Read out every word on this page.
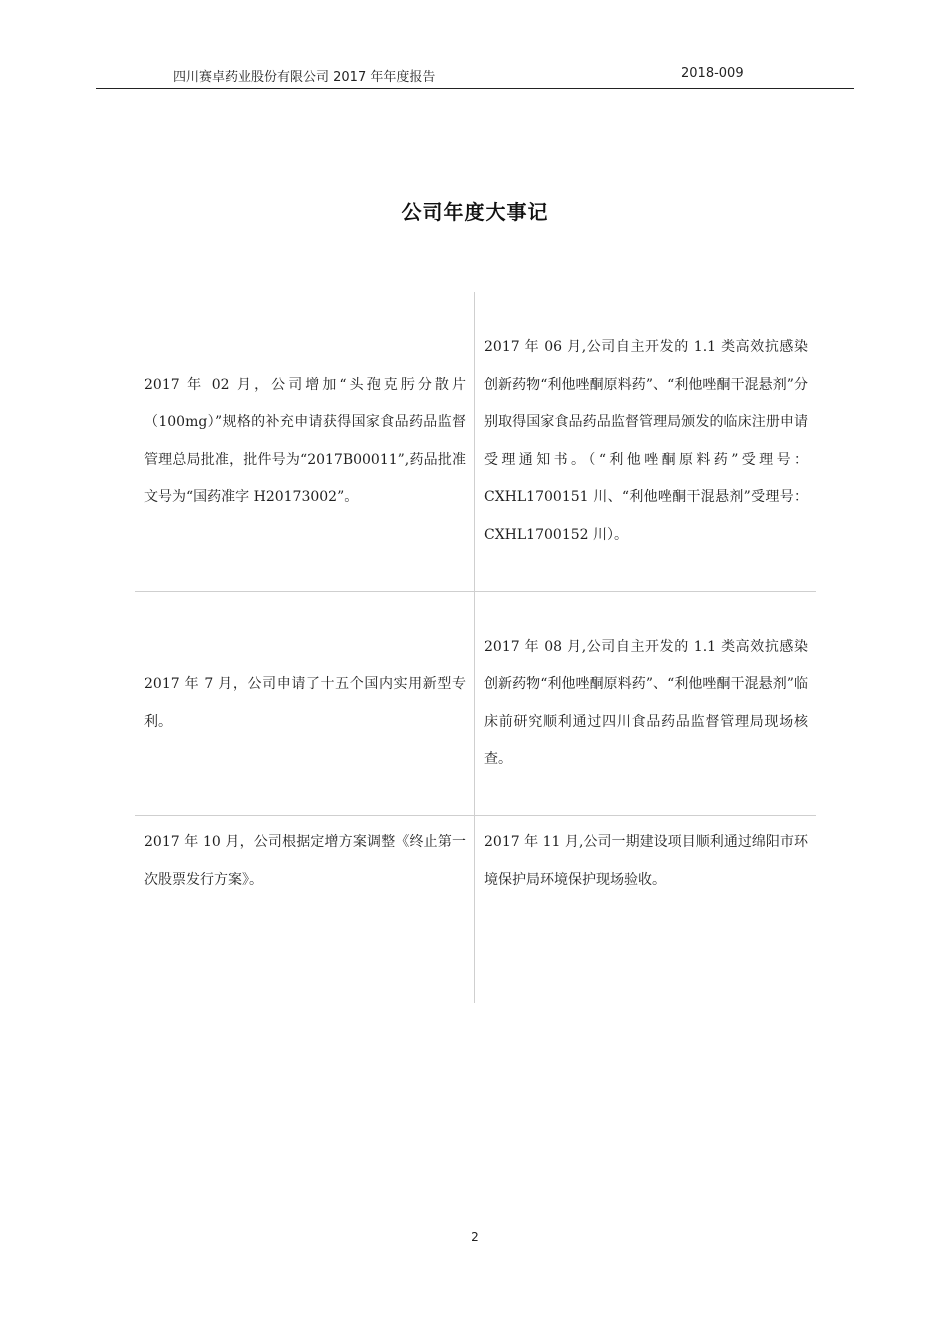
四川赛卓药业股份有限公司 2017 年年度报告	2018-009
公司年度大事记

2017 年 02 月，公司增加“头孢克肟分散片（100mg）”规格的补充申请获得国家食品药品监督管理总局批准，批件号为“2017B00011”,药品批准文号为“国药准字 H20173002”。

2017 年 06 月,公司自主开发的 1.1 类高效抗感染创新药物“利他唑酮原料药”、“利他唑酮干混悬剂”分别取得国家食品药品监督管理局颁发的临床注册申请受理通知书。（“利他唑酮原料药”受理号：CXHL1700151 川、“利他唑酮干混悬剂”受理号：CXHL1700152 川）。

2017 年 7 月，公司申请了十五个国内实用新型专利。

2017 年 08 月,公司自主开发的 1.1 类高效抗感染创新药物“利他唑酮原料药”、“利他唑酮干混悬剂”临床前研究顺利通过四川食品药品监督管理局现场核查。

2017 年 10 月，公司根据定增方案调整《终止第一次股票发行方案》。

2017 年 11 月,公司一期建设项目顺利通过绵阳市环境保护局环境保护现场验收。

2
